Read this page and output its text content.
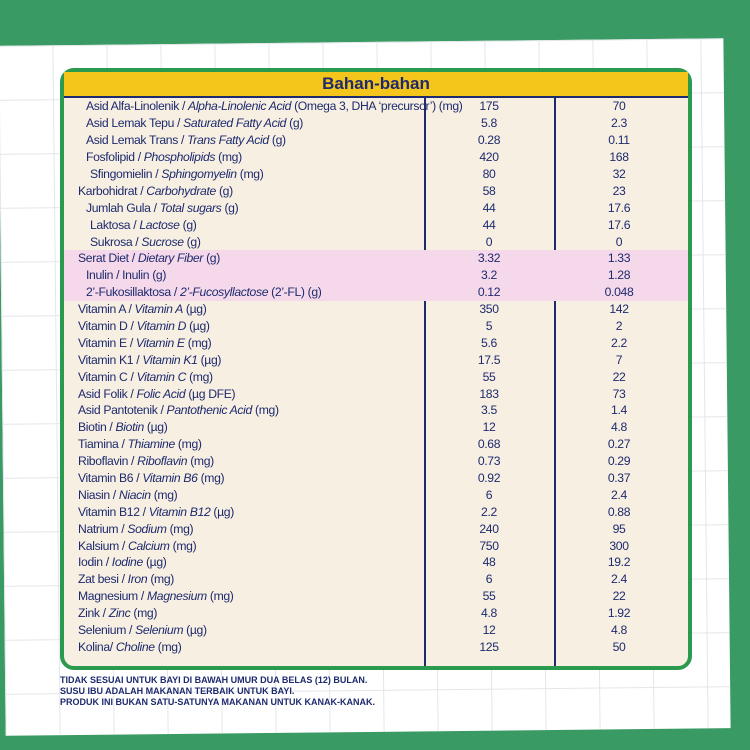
Bahan-bahan
Asid Alfa-Linolenik / Alpha-Linolenic Acid (Omega 3, DHA ‘precursor’) (mg)	175	70
Asid Lemak Tepu / Saturated Fatty Acid (g)	5.8	2.3
Asid Lemak Trans / Trans Fatty Acid (g)	0.28	0.11
Fosfolipid / Phospholipids (mg)	420	168
Sfingomielin / Sphingomyelin (mg)	80	32
Karbohidrat / Carbohydrate (g)	58	23
Jumlah Gula / Total sugars (g)	44	17.6
Laktosa / Lactose (g)	44	17.6
Sukrosa / Sucrose (g)	0	0
Serat Diet / Dietary Fiber (g)	3.32	1.33
Inulin / Inulin (g)	3.2	1.28
2’-Fukosillaktosa / 2’-Fucosyllactose (2’-FL) (g)	0.12	0.048
Vitamin A / Vitamin A (µg)	350	142
Vitamin D / Vitamin D (µg)	5	2
Vitamin E / Vitamin E (mg)	5.6	2.2
Vitamin K1 / Vitamin K1 (µg)	17.5	7
Vitamin C / Vitamin C (mg)	55	22
Asid Folik / Folic Acid (µg DFE)	183	73
Asid Pantotenik / Pantothenic Acid (mg)	3.5	1.4
Biotin / Biotin (µg)	12	4.8
Tiamina / Thiamine (mg)	0.68	0.27
Riboflavin / Riboflavin (mg)	0.73	0.29
Vitamin B6 / Vitamin B6 (mg)	0.92	0.37
Niasin / Niacin (mg)	6	2.4
Vitamin B12 / Vitamin B12 (µg)	2.2	0.88
Natrium / Sodium (mg)	240	95
Kalsium / Calcium (mg)	750	300
Iodin / Iodine (µg)	48	19.2
Zat besi / Iron (mg)	6	2.4
Magnesium / Magnesium (mg)	55	22
Zink / Zinc (mg)	4.8	1.92
Selenium / Selenium (µg)	12	4.8
Kolina/ Choline (mg)	125	50
TIDAK SESUAI UNTUK BAYI DI BAWAH UMUR DUA BELAS (12) BULAN.
SUSU IBU ADALAH MAKANAN TERBAIK UNTUK BAYI.
PRODUK INI BUKAN SATU-SATUNYA MAKANAN UNTUK KANAK-KANAK.
